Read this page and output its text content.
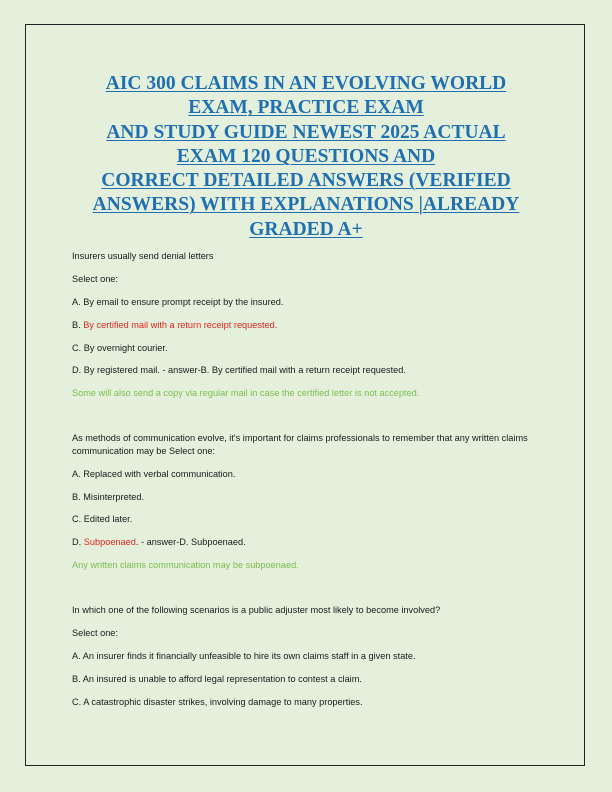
AIC 300 CLAIMS IN AN EVOLVING WORLD
EXAM, PRACTICE EXAM
AND STUDY GUIDE NEWEST 2025 ACTUAL
EXAM 120 QUESTIONS AND
CORRECT DETAILED ANSWERS (VERIFIED
ANSWERS) WITH EXPLANATIONS |ALREADY
GRADED A+

Insurers usually send denial letters

Select one:

A. By email to ensure prompt receipt by the insured.

B. By certified mail with a return receipt requested.

C. By overnight courier.

D. By registered mail. - answer-B. By certified mail with a return receipt requested.

Some will also send a copy via regular mail in case the certified letter is not accepted.

As methods of communication evolve, it's important for claims professionals to remember that any written claims communication may be Select one:

A. Replaced with verbal communication.

B. Misinterpreted.

C. Edited later.

D. Subpoenaed. - answer-D. Subpoenaed.

Any written claims communication may be subpoenaed.

In which one of the following scenarios is a public adjuster most likely to become involved?

Select one:

A. An insurer finds it financially unfeasible to hire its own claims staff in a given state.

B. An insured is unable to afford legal representation to contest a claim.

C. A catastrophic disaster strikes, involving damage to many properties.
